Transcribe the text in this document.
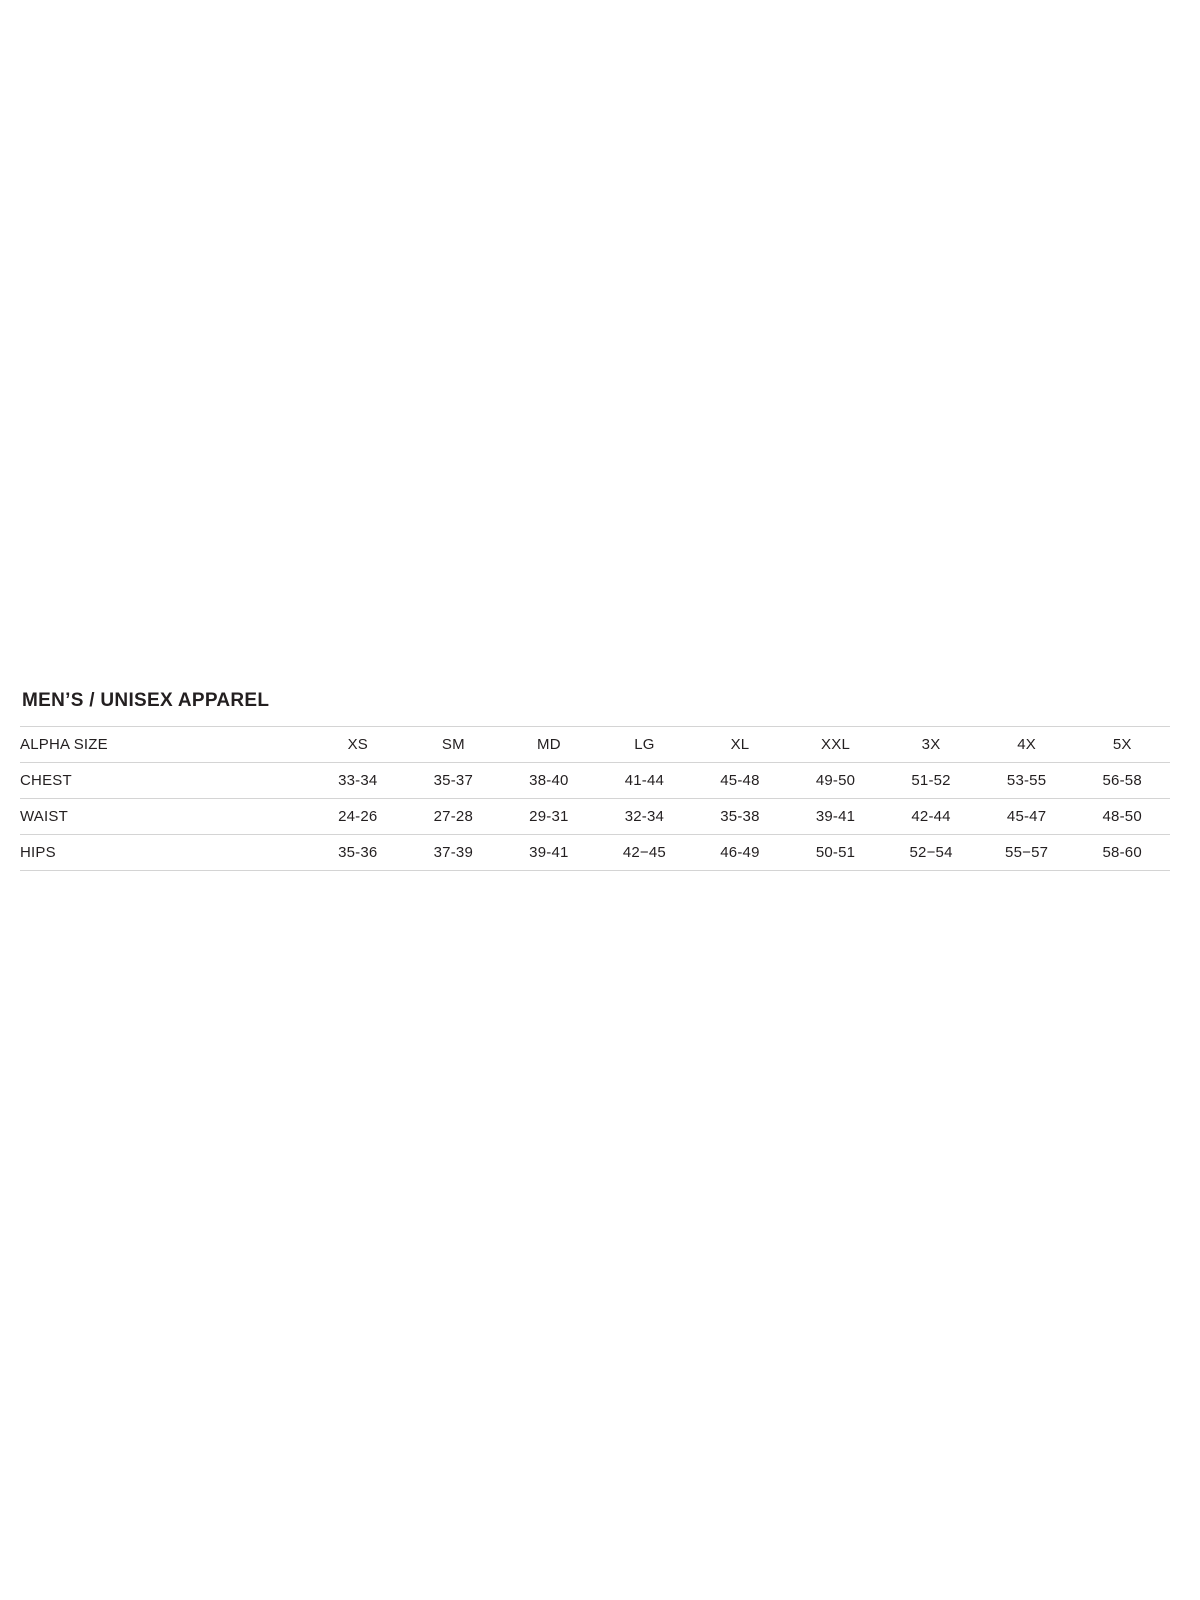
MEN’S / UNISEX APPAREL
ALPHA SIZE	XS	SM	MD	LG	XL	XXL	3X	4X	5X
CHEST	33-34	35-37	38-40	41-44	45-48	49-50	51-52	53-55	56-58
WAIST	24-26	27-28	29-31	32-34	35-38	39-41	42-44	45-47	48-50
HIPS	35-36	37-39	39-41	42−45	46-49	50-51	52−54	55−57	58-60
